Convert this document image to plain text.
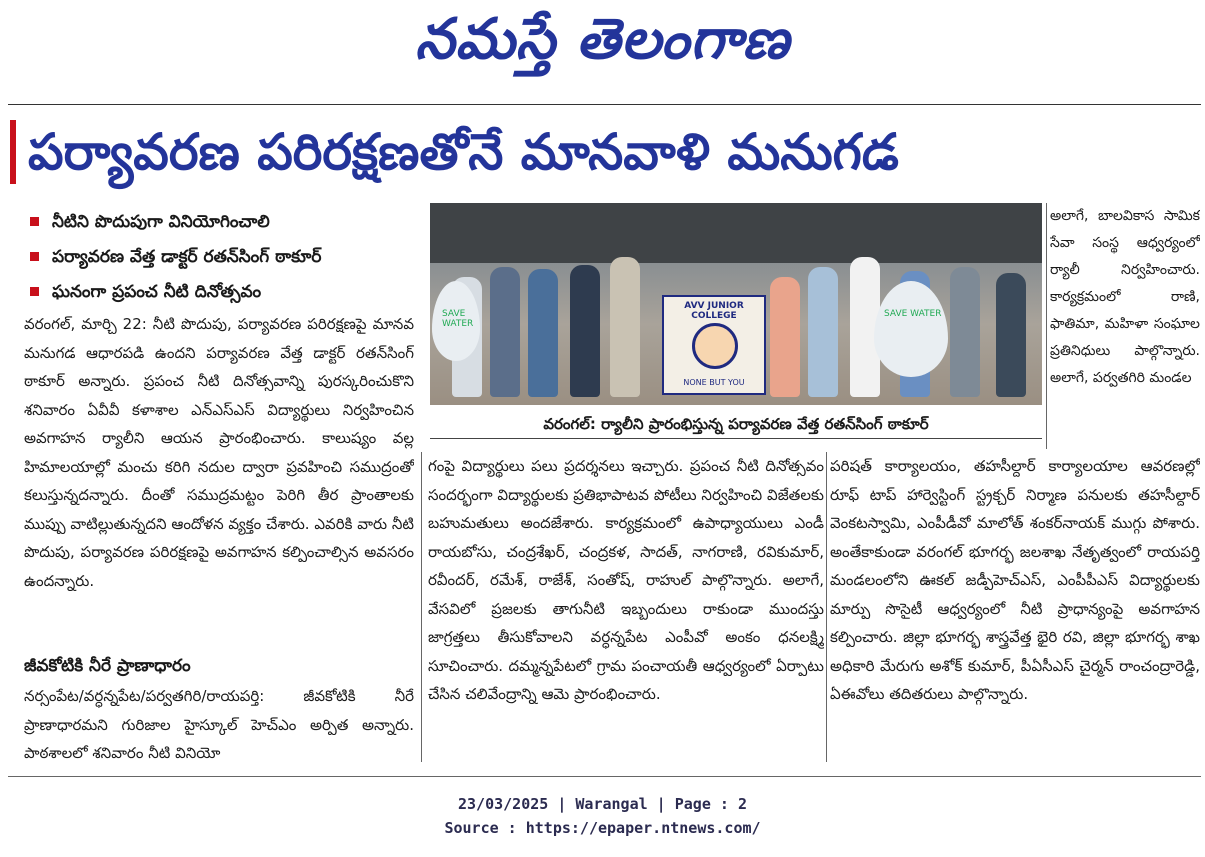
నమస్తే తెలంగాణ
పర్యావరణ పరిరక్షణతోనే మానవాళి మనుగడ
నీటిని పొదుపుగా వినియోగించాలి
పర్యావరణ వేత్త డాక్టర్ రతన్‌సింగ్ ఠాకూర్
ఘనంగా ప్రపంచ నీటి దినోత్సవం

వరంగల్, మార్చి 22: నీటి పొదుపు, పర్యావరణ పరిరక్షణపై మానవ మనుగడ ఆధారపడి ఉందని పర్యావరణ వేత్త డాక్టర్ రతన్‌సింగ్ ఠాకూర్ అన్నారు. ప్రపంచ నీటి దినోత్సవాన్ని పురస్కరించుకొని శనివారం ఏవీవీ కళాశాల ఎన్‌ఎస్‌ఎస్ విద్యార్థులు నిర్వహించిన అవగాహన ర్యాలీని ఆయన ప్రారంభించారు. కాలుష్యం వల్ల హిమాలయాల్లో మంచు కరిగి నదుల ద్వారా ప్రవహించి సముద్రంతో కలుస్తున్నదన్నారు. దీంతో సముద్రమట్టం పెరిగి తీర ప్రాంతాలకు ముప్పు వాటిల్లుతున్నదని ఆందోళన వ్యక్తం చేశారు. ఎవరికి వారు నీటి పొదుపు, పర్యావరణ పరిరక్షణపై అవగాహన కల్పించాల్సిన అవసరం ఉందన్నారు.

జీవకోటికి నీరే ప్రాణాధారం

నర్సంపేట/వర్ధన్నపేట/పర్వతగిరి/రాయపర్తి: జీవకోటికి నీరే ప్రాణాధారమని గురిజాల హైస్కూల్ హెచ్‌ఎం అర్పిత అన్నారు. పాఠశాలలో శనివారం నీటి వినియో

SAVE WATER
SAVE WATER
AVV JUNIOR COLLEGE
NONE BUT YOU
వరంగల్: ర్యాలీని ప్రారంభిస్తున్న పర్యావరణ వేత్త రతన్‌సింగ్ ఠాకూర్

అలాగే, బాలవికాస సామిక సేవా సంస్థ ఆధ్వర్యంలో ర్యాలీ నిర్వహించారు. కార్యక్రమంలో రాణి, ఫాతిమా, మహిళా సంఘాల ప్రతినిధులు పాల్గొన్నారు. అలాగే, పర్వతగిరి మండల

గంపై విద్యార్థులు పలు ప్రదర్శనలు ఇచ్చారు. ప్రపంచ నీటి దినోత్సవం సందర్భంగా విద్యార్థులకు ప్రతిభాపాటవ పోటీలు నిర్వహించి విజేతలకు బహుమతులు అందజేశారు. కార్యక్రమంలో ఉపాధ్యాయులు ఎండీ రాయబోసు, చంద్రశేఖర్, చంద్రకళ, సాదత్, నాగరాణి, రవికుమార్, రవీందర్, రమేశ్, రాజేశ్, సంతోష్, రాహుల్ పాల్గొన్నారు. అలాగే, వేసవిలో ప్రజలకు తాగునీటి ఇబ్బందులు రాకుండా ముందస్తు జాగ్రత్తలు తీసుకోవాలని వర్ధన్నపేట ఎంపీవో అంకం ధనలక్ష్మి సూచించారు. దమ్మన్నపేటలో గ్రామ పంచాయతీ ఆధ్వర్యంలో ఏర్పాటు చేసిన చలివేంద్రాన్ని ఆమె ప్రారంభించారు.

పరిషత్ కార్యాలయం, తహసీల్దార్ కార్యాలయాల ఆవరణల్లో రూఫ్ టాప్ హార్వెస్టింగ్ స్ట్రక్చర్ నిర్మాణ పనులకు తహసీల్దార్ వెంకటస్వామి, ఎంపీడీవో మాలోత్ శంకర్‌నాయక్ ముగ్గు పోశారు. అంతేకాకుండా వరంగల్ భూగర్భ జలశాఖ నేతృత్వంలో రాయపర్తి మండలంలోని ఊకల్ జడ్పీహెచ్‌ఎస్, ఎంపీపీఎస్ విద్యార్థులకు మార్పు సొసైటీ ఆధ్వర్యంలో నీటి ప్రాధాన్యంపై అవగాహన కల్పించారు. జిల్లా భూగర్భ శాస్త్రవేత్త భైరి రవి, జిల్లా భూగర్భ శాఖ అధికారి మేరుగు అశోక్ కుమార్, పీఏసీఎస్ చైర్మన్ రాంచంద్రారెడ్డి, ఏఈవోలు తదితరులు పాల్గొన్నారు.

23/03/2025 | Warangal | Page : 2
Source : https://epaper.ntnews.com/
